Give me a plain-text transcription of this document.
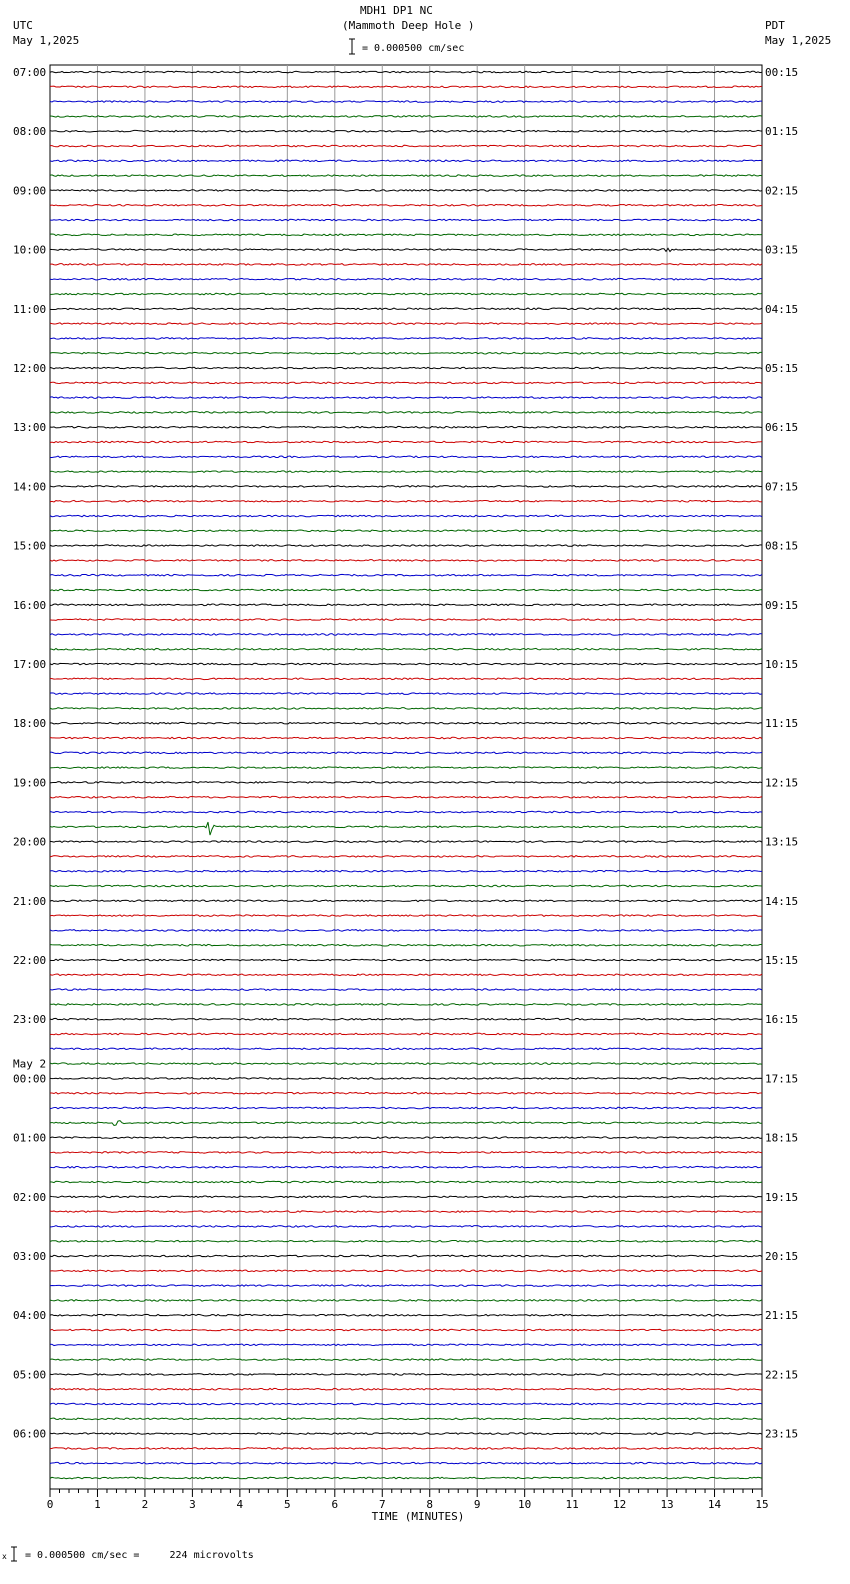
MDH1 DP1 NC
(Mammoth Deep Hole )
UTC
May 1,2025
PDT
May 1,2025
= 0.000500 cm/sec
= 0.000500 cm/sec =     224 microvolts
x
07:00	00:15
08:00	01:15
09:00	02:15
10:00	03:15
11:00	04:15
12:00	05:15
13:00	06:15
14:00	07:15
15:00	08:15
16:00	09:15
17:00	10:15
18:00	11:15
19:00	12:15
20:00	13:15
21:00	14:15
22:00	15:15
23:00	16:15
00:00	17:15
May 2
01:00	18:15
02:00	19:15
03:00	20:15
04:00	21:15
05:00	22:15
06:00	23:15
0	1	2	3	4	5	6	7	8	9	10	11	12	13	14	15
TIME (MINUTES)
